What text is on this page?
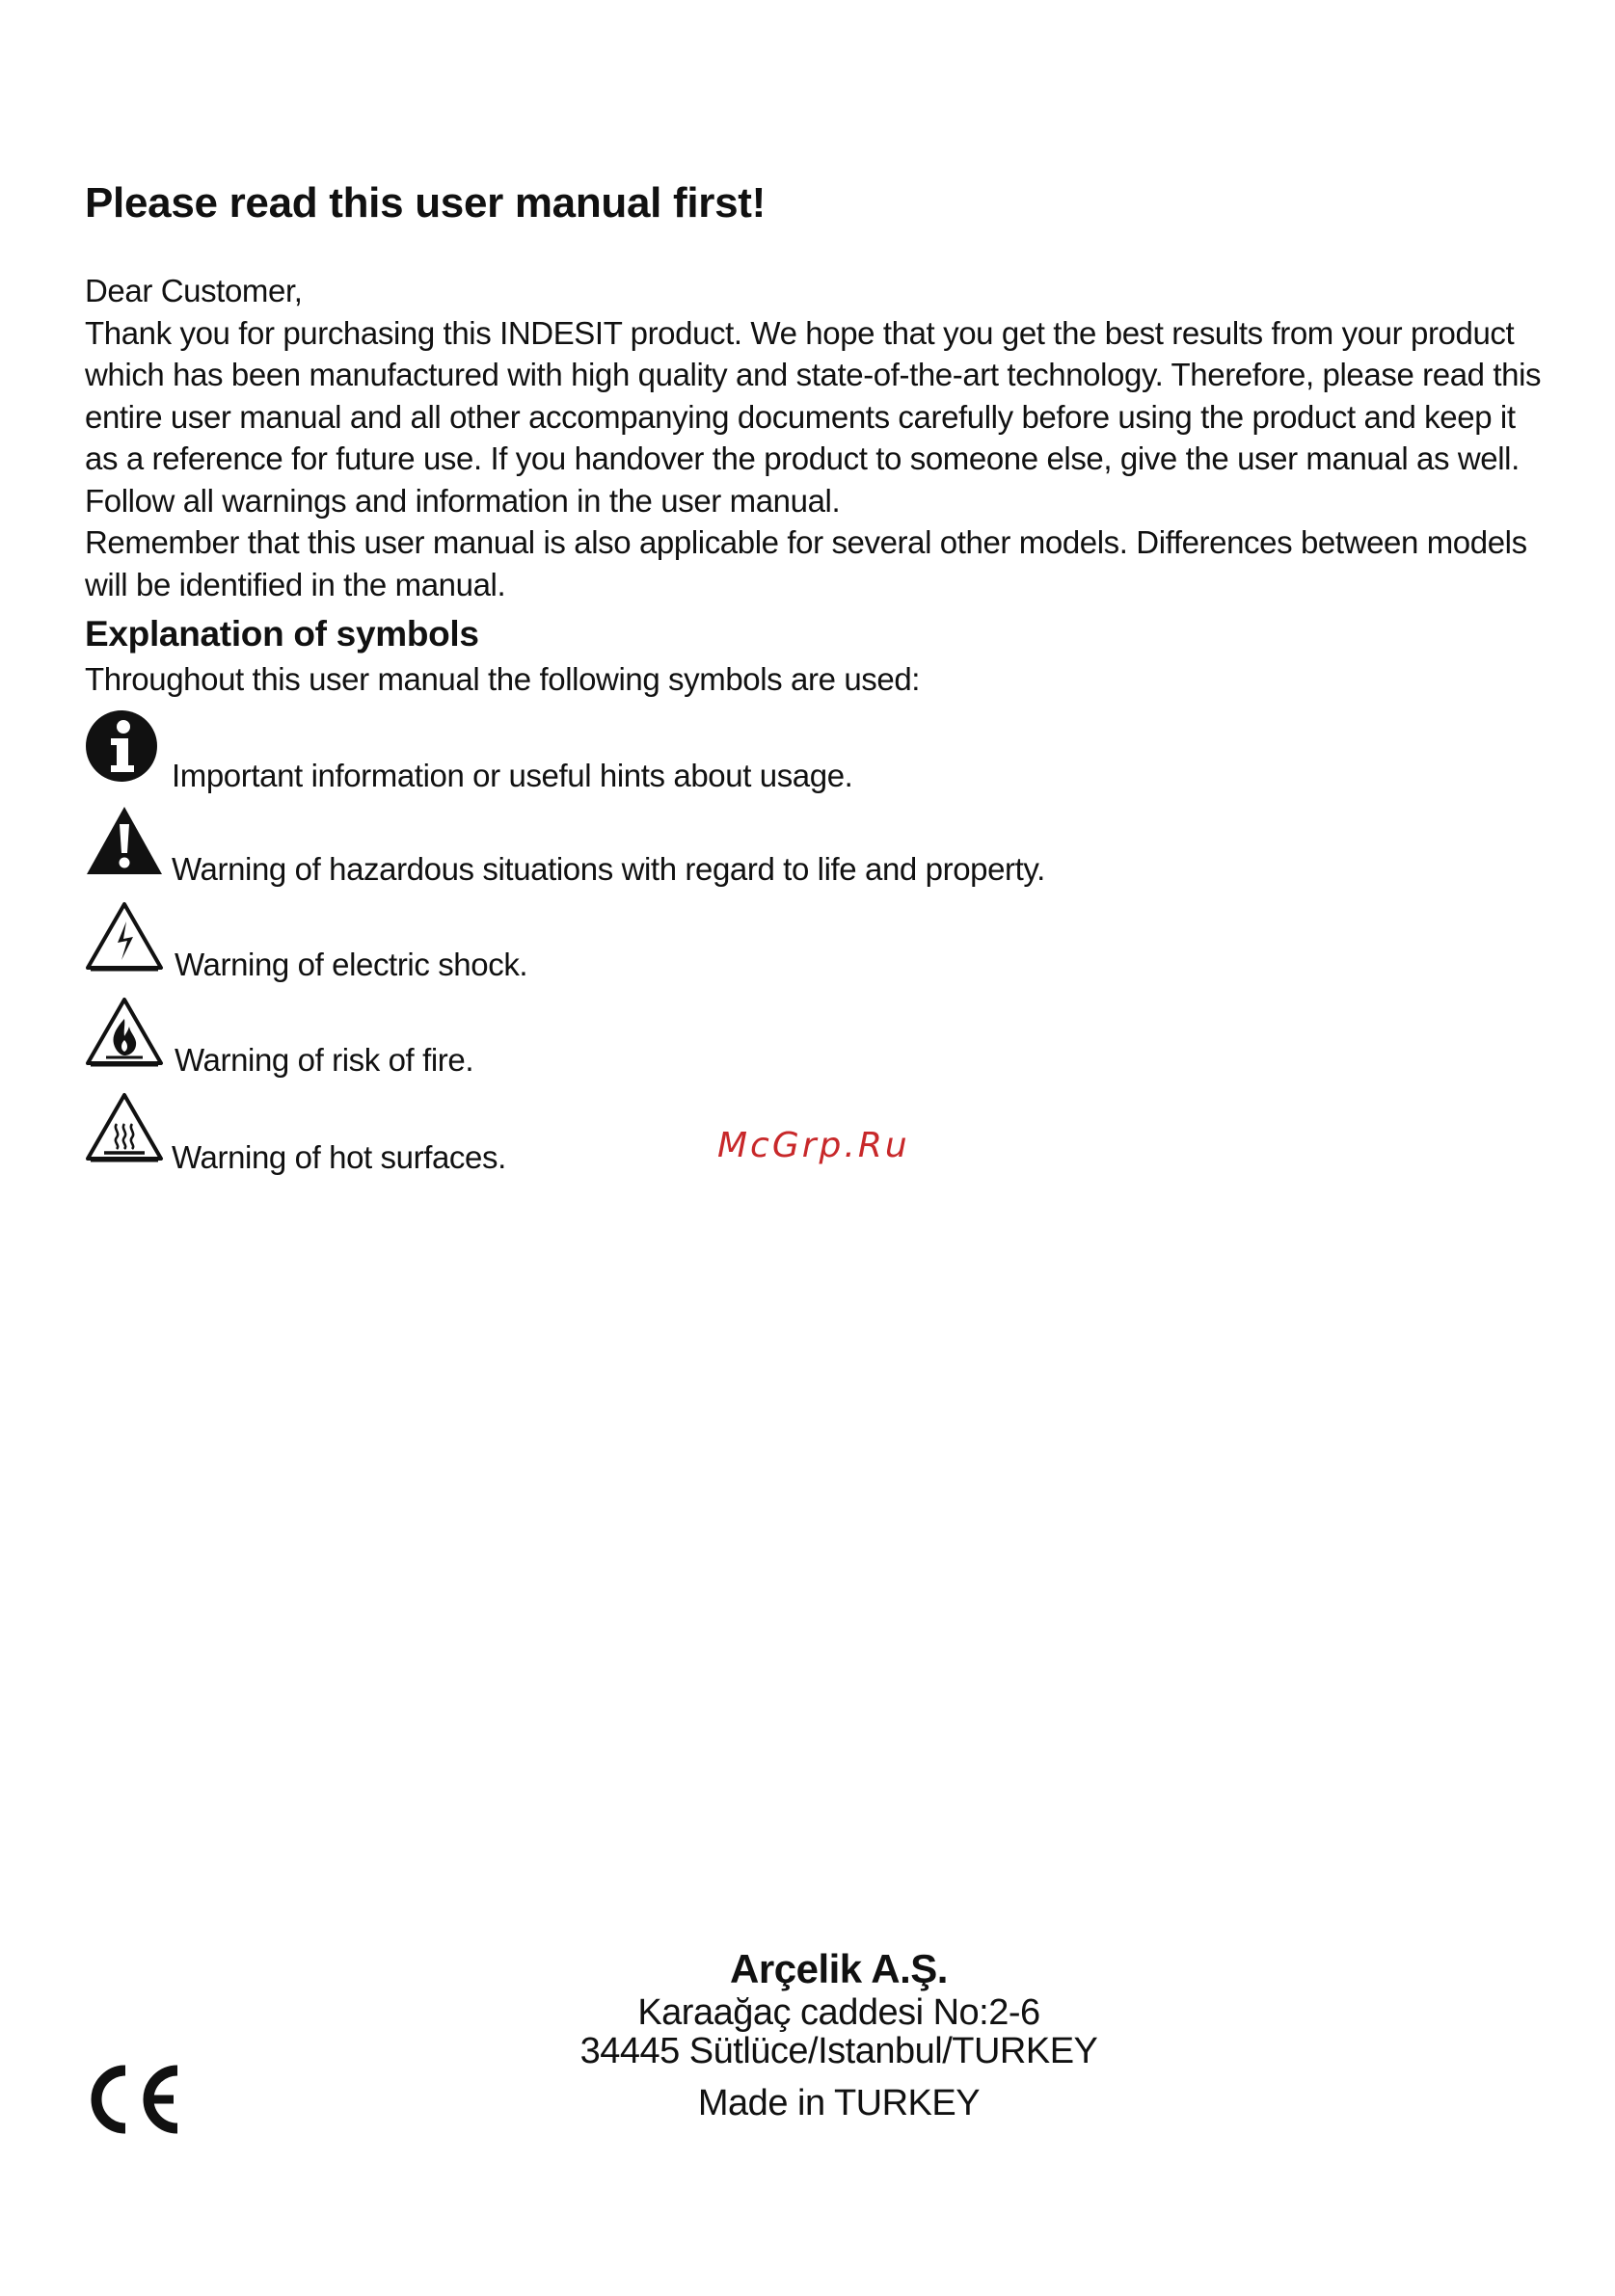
Please read this user manual first!

Dear Customer,

Thank you for purchasing this INDESIT product. We hope that you get the best results from your product which has been manufactured with high quality and state-of-the-art technology. Therefore, please read this entire user manual and all other accompanying documents carefully before using the product and keep it as a reference for future use. If you handover the product to someone else, give the user manual as well. Follow all warnings and information in the user manual.

Remember that this user manual is also applicable for several other models. Differences between models will be identified in the manual.

Explanation of symbols

Throughout this user manual the following symbols are used:

Important information or useful hints about usage.
Warning of hazardous situations with regard to life and property.
Warning of electric shock.
Warning of risk of fire.
Warning of hot surfaces.	McGrp.Ru
Arçelik A.Ş.
Karaağaç caddesi No:2-6
34445 Sütlüce/Istanbul/TURKEY
Made in TURKEY
